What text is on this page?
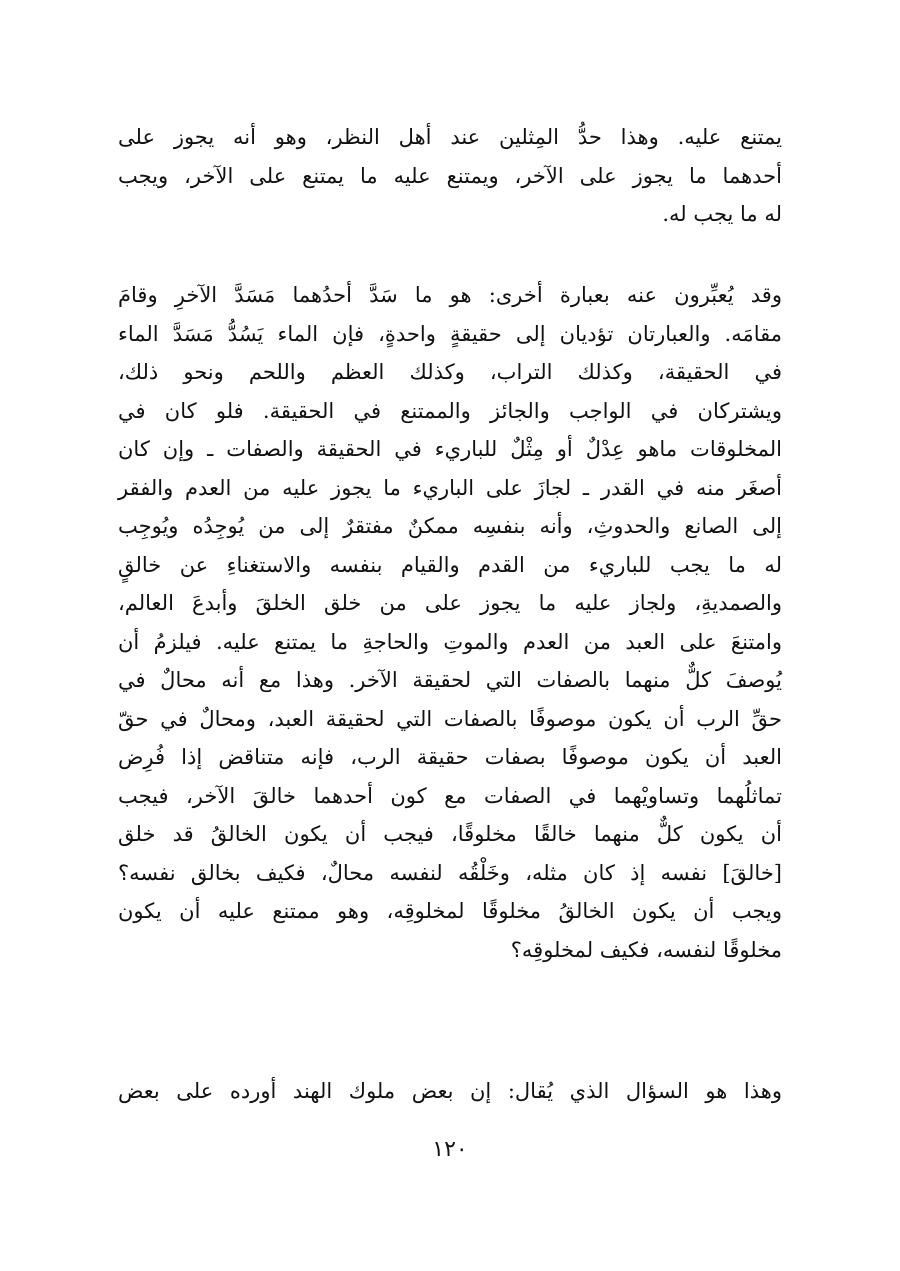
يمتنع عليه. وهذا حدُّ المِثلين عند أهل النظر، وهو أنه يجوز على
أحدهما ما يجوز على الآخر، ويمتنع عليه ما يمتنع على الآخر، ويجب
له ما يجب له.
وقد يُعبِّرون عنه بعبارة أخرى: هو ما سَدَّ أحدُهما مَسَدَّ الآخرِ وقامَ
مقامَه. والعبارتان تؤديان إلى حقيقةٍ واحدةٍ، فإن الماء يَسُدُّ مَسَدَّ الماء
في الحقيقة، وكذلك التراب، وكذلك العظم واللحم ونحو ذلك،
ويشتركان في الواجب والجائز والممتنع في الحقيقة. فلو كان في
المخلوقات ماهو عِدْلٌ أو مِثْلٌ للباريء في الحقيقة والصفات ـ وإن كان
أصغَر منه في القدر ـ لجازَ على الباريء ما يجوز عليه من العدم والفقر
إلى الصانع والحدوثِ، وأنه بنفسِه ممكنٌ مفتقرٌ إلى من يُوجِدُه ويُوجِب
له ما يجب للباريء من القدم والقيام بنفسه والاستغناءِ عن خالقٍ
والصمديةِ، ولجاز عليه ما يجوز على من خلق الخلقَ وأبدعَ العالم،
وامتنعَ على العبد من العدم والموتِ والحاجةِ ما يمتنع عليه. فيلزمُ أن
يُوصفَ كلٌّ منهما بالصفات التي لحقيقة الآخر. وهذا مع أنه محالٌ في
حقِّ الرب أن يكون موصوفًا بالصفات التي لحقيقة العبد، ومحالٌ في حقّ
العبد أن يكون موصوفًا بصفات حقيقة الرب، فإنه متناقض إذا فُرِض
تماثلُهما وتساويْهما في الصفات مع كون أحدهما خالقَ الآخر، فيجب
أن يكون كلٌّ منهما خالقًا مخلوقًا، فيجب أن يكون الخالقُ قد خلق
[خالقَ] نفسه إذ كان مثله، وخَلْقُه لنفسه محالٌ، فكيف بخالق نفسه؟
ويجب أن يكون الخالقُ مخلوقًا لمخلوقِه، وهو ممتنع عليه أن يكون
مخلوقًا لنفسه، فكيف لمخلوقِه؟
وهذا هو السؤال الذي يُقال: إن بعض ملوك الهند أورده على بعض
١٢٠
